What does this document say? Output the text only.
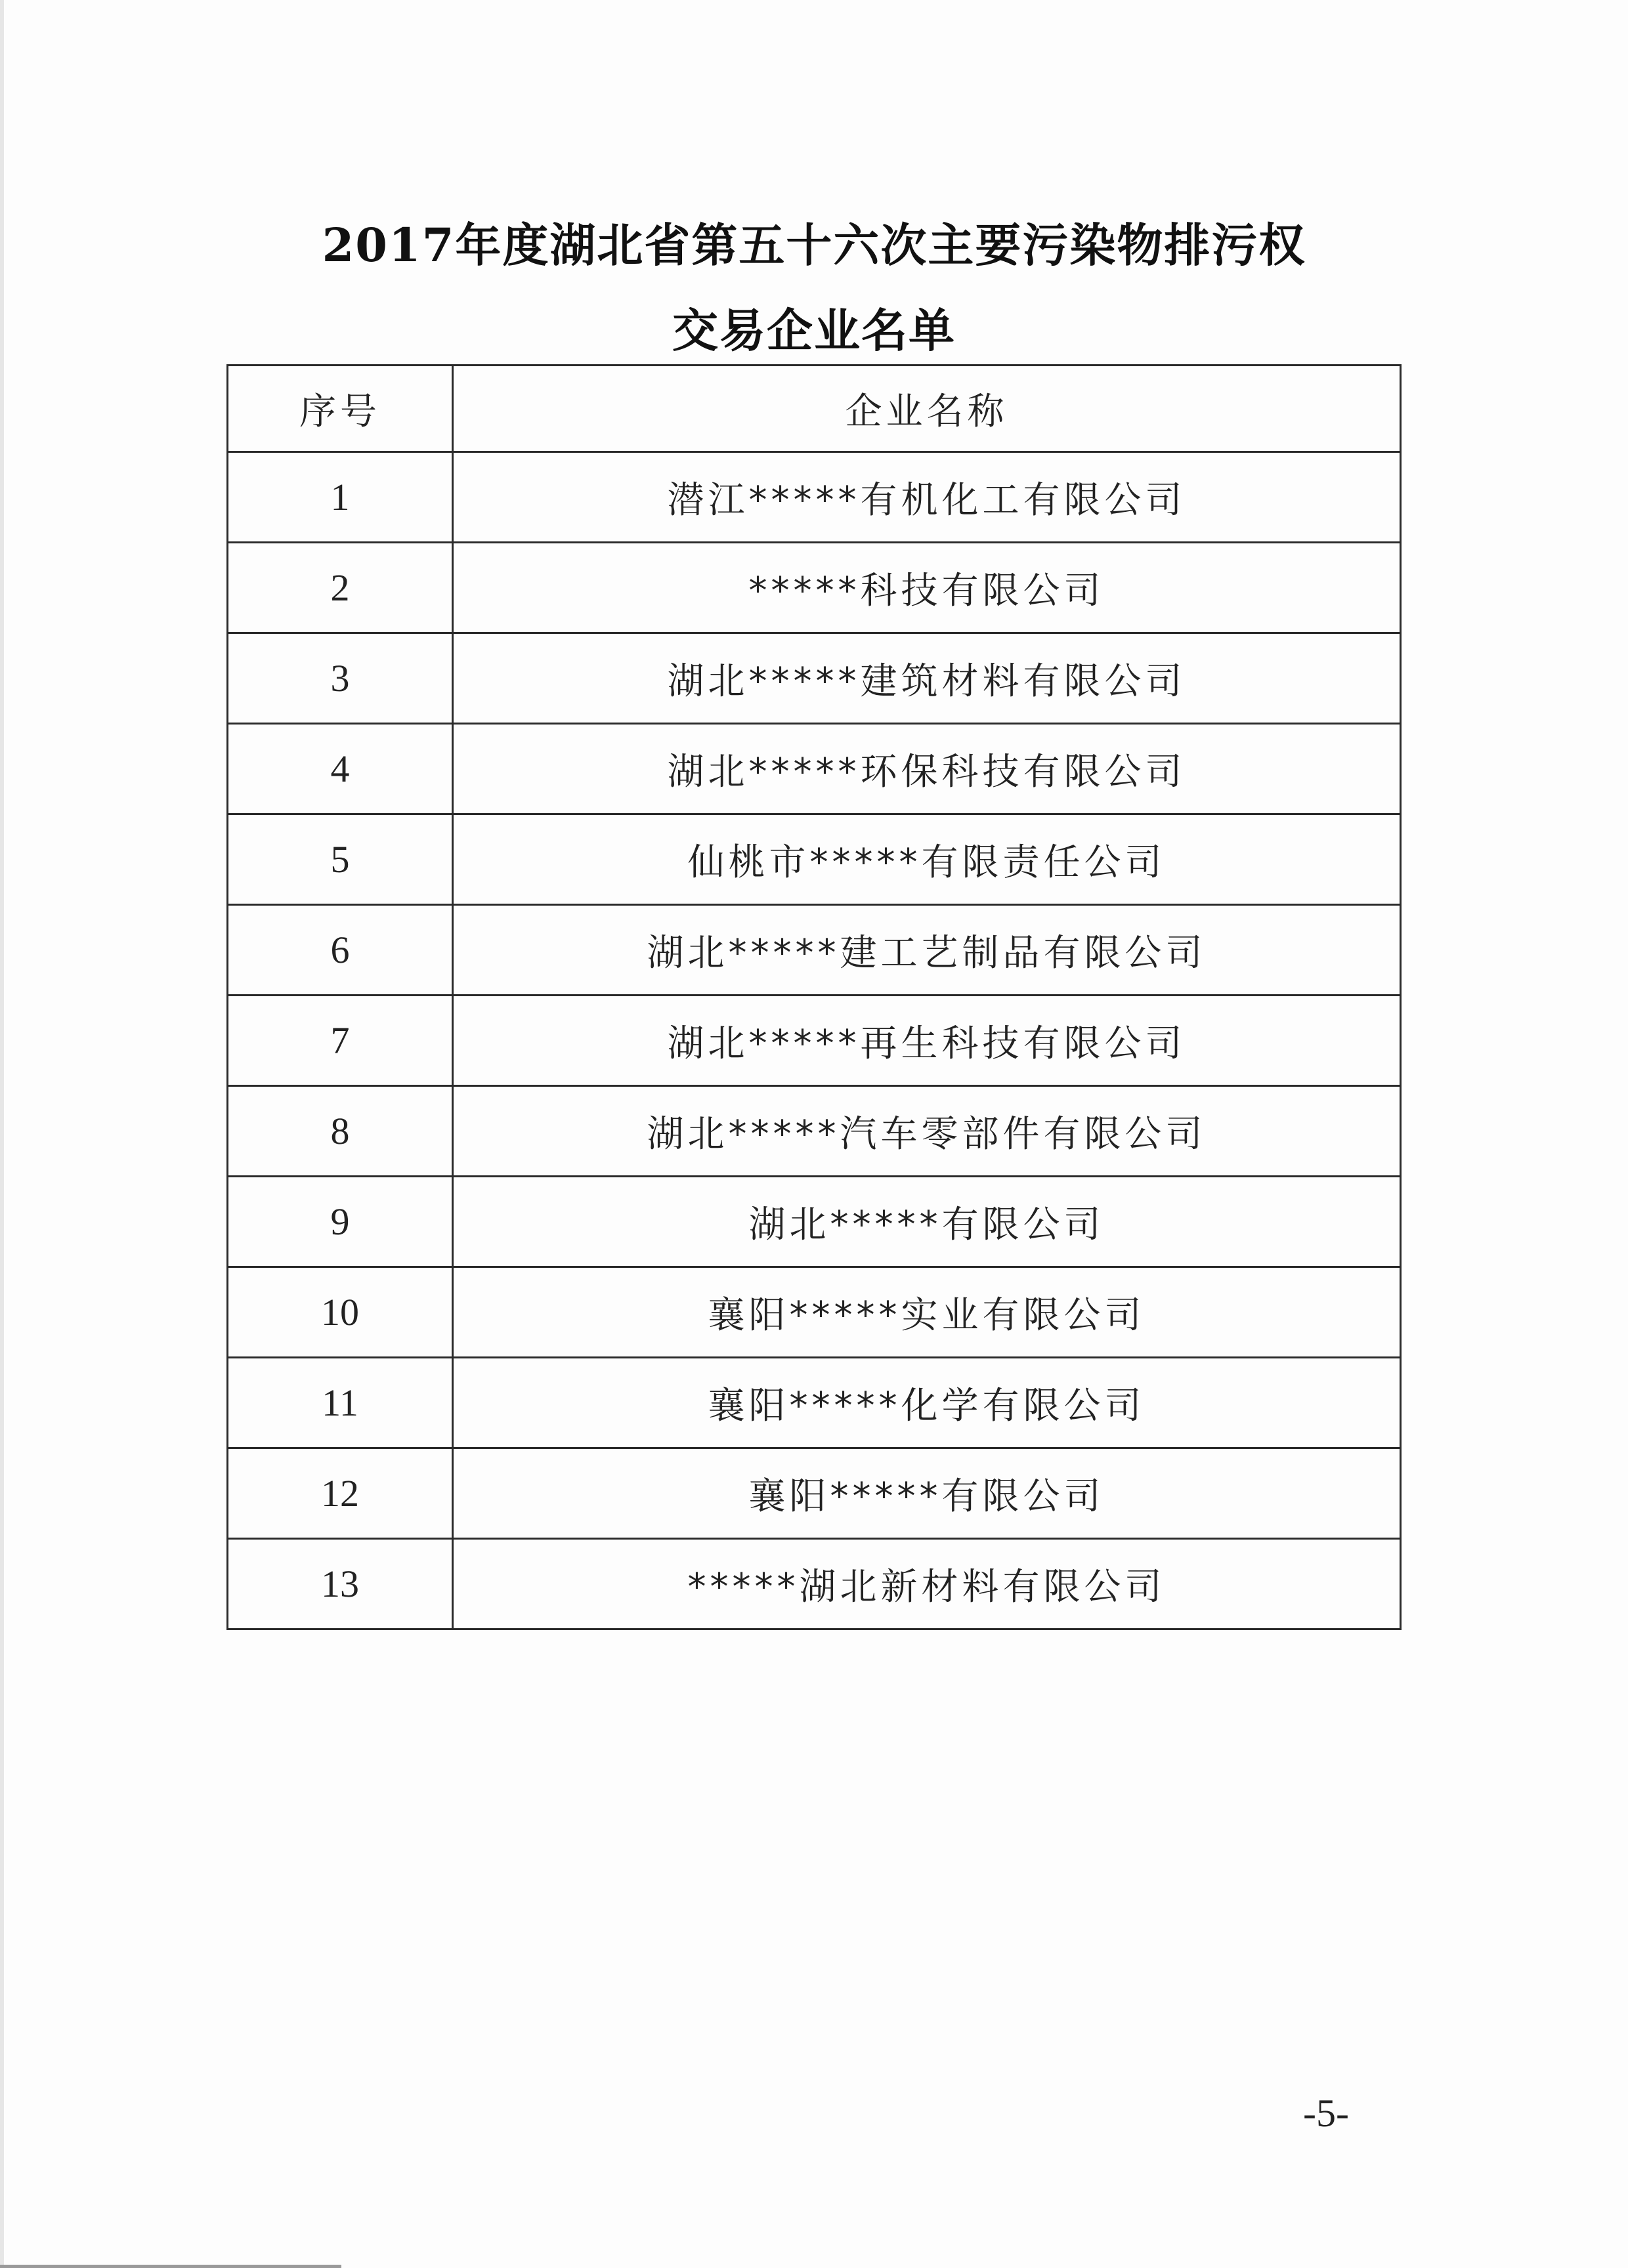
2017年度湖北省第五十六次主要污染物排污权
交易企业名单
序号	企业名称
1	潜江*****有机化工有限公司
2	*****科技有限公司
3	湖北*****建筑材料有限公司
4	湖北*****环保科技有限公司
5	仙桃市*****有限责任公司
6	湖北*****建工艺制品有限公司
7	湖北*****再生科技有限公司
8	湖北*****汽车零部件有限公司
9	湖北*****有限公司
10	襄阳*****实业有限公司
11	襄阳*****化学有限公司
12	襄阳*****有限公司
13	*****湖北新材料有限公司
-5-
